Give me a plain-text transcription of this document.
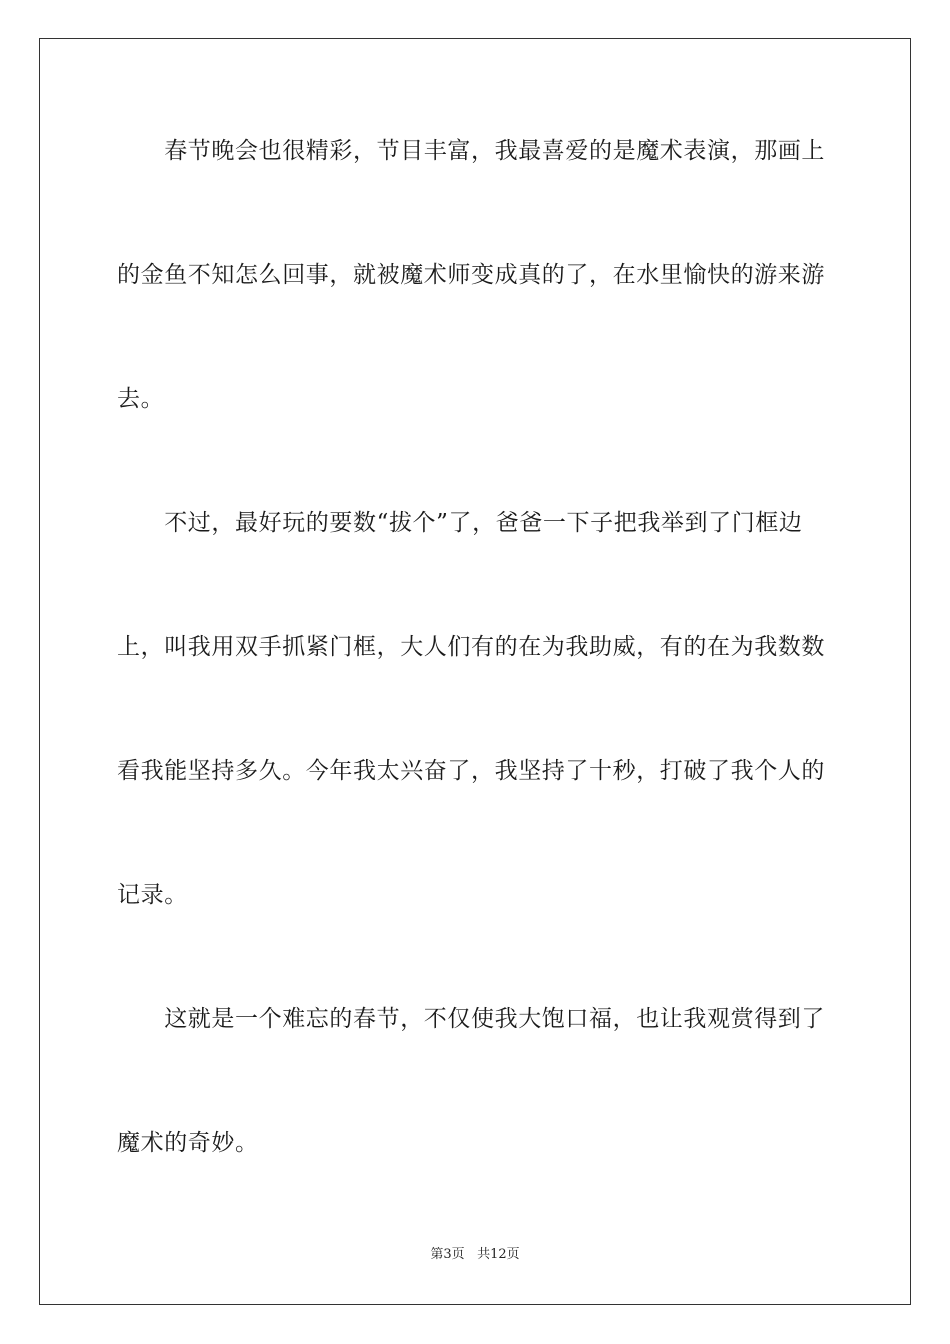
　　春节晚会也很精彩，节目丰富，我最喜爱的是魔术表演，那画上
的金鱼不知怎么回事，就被魔术师变成真的了，在水里愉快的游来游
去。
　　不过，最好玩的要数“拔个”了，爸爸一下子把我举到了门框边
上，叫我用双手抓紧门框，大人们有的在为我助威，有的在为我数数
看我能坚持多久。今年我太兴奋了，我坚持了十秒，打破了我个人的
记录。
　　这就是一个难忘的春节，不仅使我大饱口福，也让我观赏得到了
魔术的奇妙。
第3页 共12页
